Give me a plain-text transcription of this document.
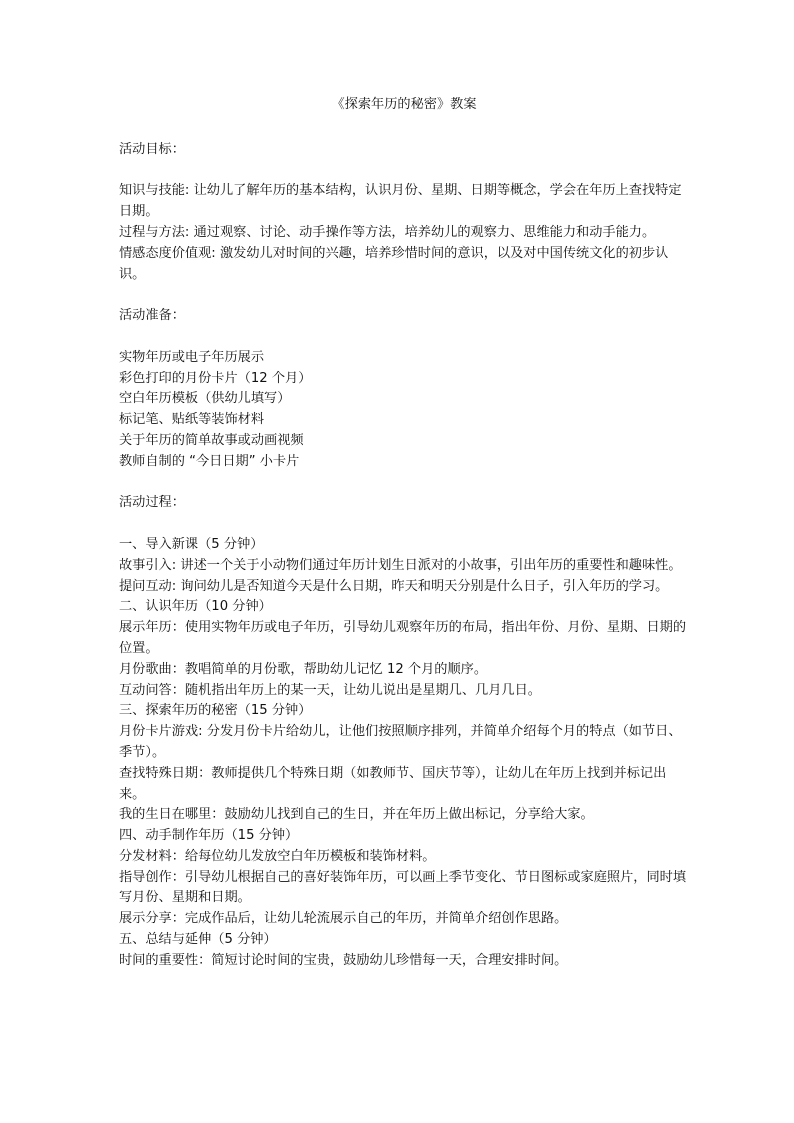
《探索年历的秘密》教案

活动目标：

知识与技能: 让幼儿了解年历的基本结构，认识月份、星期、日期等概念，学会在年历上查找特定日期。

过程与方法: 通过观察、讨论、动手操作等方法，培养幼儿的观察力、思维能力和动手能力。

情感态度价值观: 激发幼儿对时间的兴趣，培养珍惜时间的意识，以及对中国传统文化的初步认识。

活动准备：

实物年历或电子年历展示
彩色打印的月份卡片（12 个月）
空白年历模板（供幼儿填写）
标记笔、贴纸等装饰材料
关于年历的简单故事或动画视频
教师自制的 “今日日期” 小卡片

活动过程：

一、导入新课（5 分钟）

故事引入: 讲述一个关于小动物们通过年历计划生日派对的小故事，引出年历的重要性和趣味性。

提问互动: 询问幼儿是否知道今天是什么日期，昨天和明天分别是什么日子，引入年历的学习。

二、认识年历（10 分钟）

展示年历：使用实物年历或电子年历，引导幼儿观察年历的布局，指出年份、月份、星期、日期的位置。

月份歌曲：教唱简单的月份歌，帮助幼儿记忆 12 个月的顺序。

互动问答：随机指出年历上的某一天，让幼儿说出是星期几、几月几日。

三、探索年历的秘密（15 分钟）

月份卡片游戏: 分发月份卡片给幼儿，让他们按照顺序排列，并简单介绍每个月的特点（如节日、季节）。

查找特殊日期：教师提供几个特殊日期（如教师节、国庆节等），让幼儿在年历上找到并标记出来。

我的生日在哪里：鼓励幼儿找到自己的生日，并在年历上做出标记，分享给大家。

四、动手制作年历（15 分钟）

分发材料：给每位幼儿发放空白年历模板和装饰材料。

指导创作：引导幼儿根据自己的喜好装饰年历，可以画上季节变化、节日图标或家庭照片，同时填写月份、星期和日期。

展示分享：完成作品后，让幼儿轮流展示自己的年历，并简单介绍创作思路。

五、总结与延伸（5 分钟）

时间的重要性：简短讨论时间的宝贵，鼓励幼儿珍惜每一天，合理安排时间。
